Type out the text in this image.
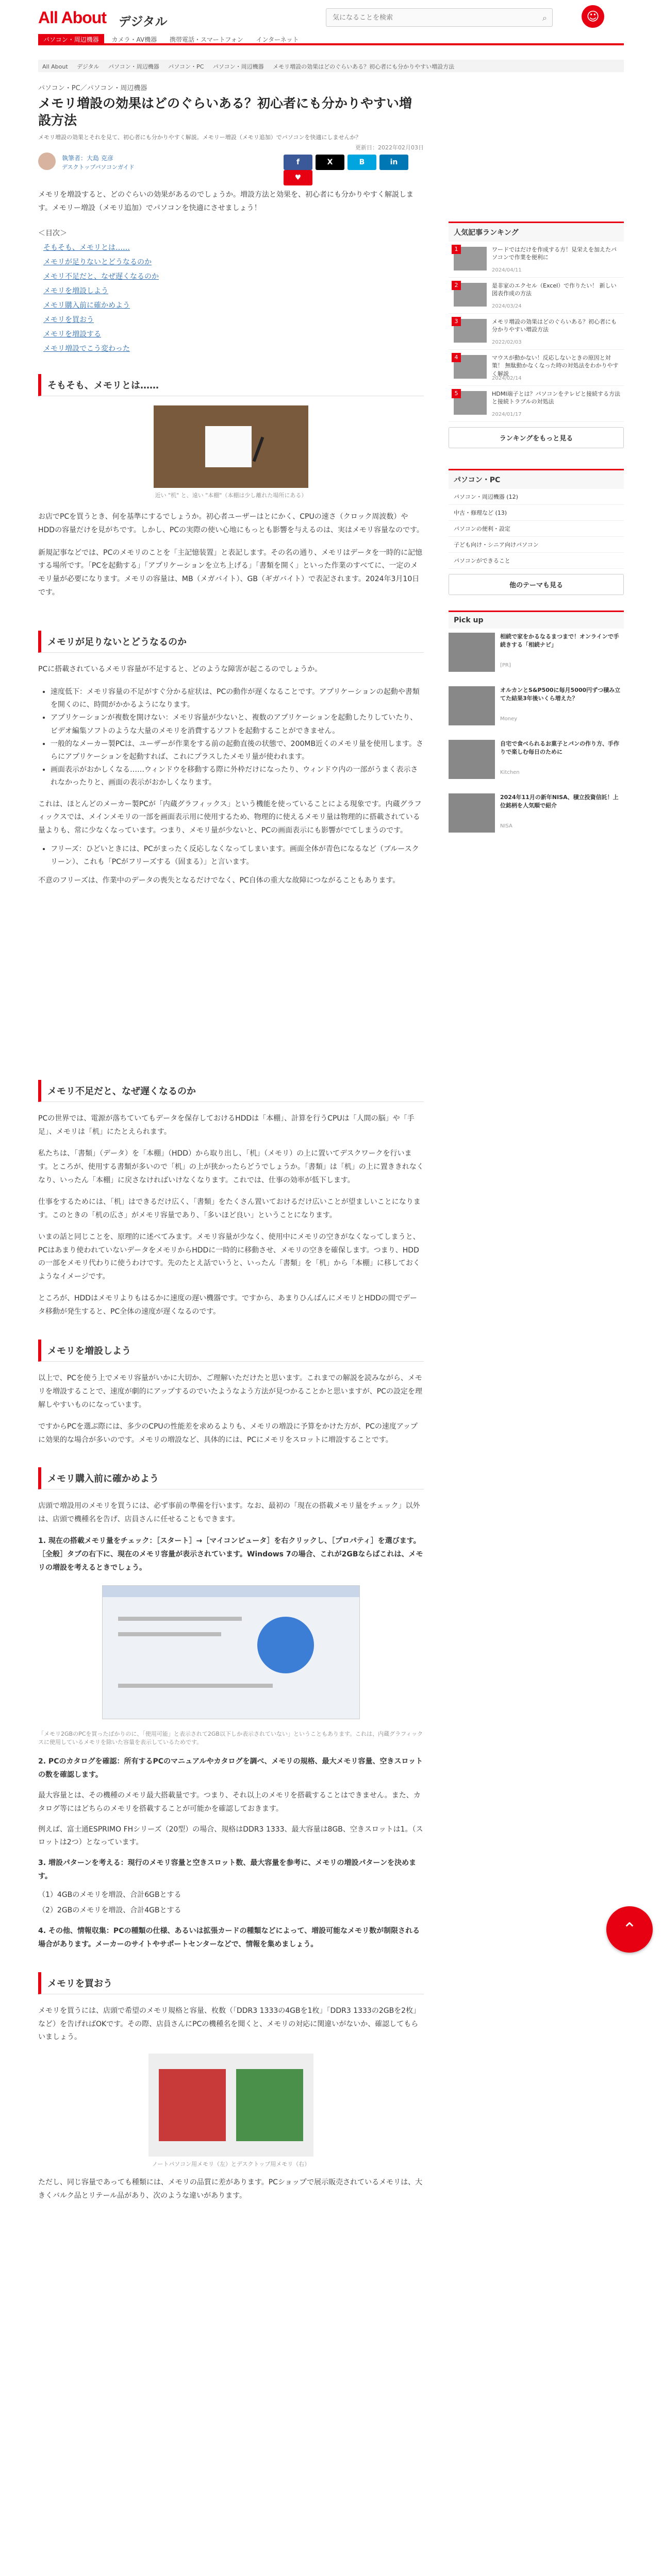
All About デジタル
気になることを検索	⌕	☺
パソコン・周辺機器 カメラ・AV機器 携帯電話・スマートフォン インターネット
All About デジタル パソコン・周辺機器 パソコン・PC パソコン・周辺機器 メモリ増設の効果はどのぐらいある？初心者にも分かりやすい増設方法
パソコン・PC／パソコン・周辺機器
メモリ増設の効果はどのぐらいある？初心者にも分かりやすい増設方法
メモリ増設の効果とそれを見て、初心者にも分かりやすく解説。メモリー増設（メモリ追加）でパソコンを快適にしませんか？
更新日：2022年02月03日
執筆者：大島 克彦
デスクトップパソコンガイド
f	X	B	in♥

メモリを増設すると、どのぐらいの効果があるのでしょうか。増設方法と効果を、初心者にも分かりやすく解説します。メモリー増設（メモリ追加）でパソコンを快適にさせましょう！

＜目次＞
そもそも、メモリとは……
メモリが足りないとどうなるのか
メモリ不足だと、なぜ遅くなるのか
メモリを増設しよう
メモリ購入前に確かめよう
メモリを買おう
メモリを増設する
メモリ増設でこう変わった
そもそも、メモリとは……
近い "机" と、遠い "本棚"（本棚は少し離れた場所にある）

お店でPCを買うとき、何を基準にするでしょうか。初心者ユーザーはとにかく、CPUの速さ（クロック周波数）やHDDの容量だけを見がちです。しかし、PCの実際の使い心地にもっとも影響を与えるのは、実はメモリ容量なのです。

新規記事などでは、PCのメモリのことを「主記憶装置」と表記します。その名の通り、メモリはデータを一時的に記憶する場所です。「PCを起動する」「アプリケーションを立ち上げる」「書類を開く」といった作業のすべてに、一定のメモリ量が必要になります。メモリの容量は、MB（メガバイト）、GB（ギガバイト）で表記されます。2024年3月10日です。

メモリが足りないとどうなるのか

PCに搭載されているメモリ容量が不足すると、どのような障害が起こるのでしょうか。

• 速度低下：メモリ容量の不足がすぐ分かる症状は、PCの動作が遅くなることです。アプリケーションの起動や書類を開くのに、時間がかかるようになります。
• アプリケーションが複数を開けない：メモリ容量が少ないと、複数のアプリケーションを起動したりしていたり、ビデオ編集ソフトのような大量のメモリを消費するソフトを起動することができません。
• 一般的なメーカー製PCは、ユーザーが作業をする前の起動直後の状態で、200MB近くのメモリ量を使用します。さらにアプリケーションを起動すれば、これにプラスしたメモリ量が使われます。
• 画面表示がおかしくなる……ウィンドウを移動する際に外枠だけになったり、ウィンドウ内の一部がうまく表示されなかったりと、画面の表示がおかしくなります。

これは、ほとんどのメーカー製PCが「内蔵グラフィックス」という機能を使っていることによる現象です。内蔵グラフィックスでは、メインメモリの一部を画面表示用に使用するため、物理的に使えるメモリ量は物理的に搭載されている量よりも、常に少なくなっています。つまり、メモリ量が少ないと、PCの画面表示にも影響がでてしまうのです。

• フリーズ：ひどいときには、PCがまったく反応しなくなってしまいます。画面全体が青色になるなど（ブルースクリーン）、これも「PCがフリーズする（固まる）」と言います。

不意のフリーズは、作業中のデータの喪失となるだけでなく、PC自体の重大な故障につながることもあります。

メモリ不足だと、なぜ遅くなるのか

PCの世界では、電源が落ちていてもデータを保存しておけるHDDは「本棚」、計算を行うCPUは「人間の脳」や「手足」、メモリは「机」にたとえられます。

私たちは、「書類」（データ）を「本棚」（HDD）から取り出し、「机」（メモリ）の上に置いてデスクワークを行います。ところが、使用する書類が多いので「机」の上が狭かったらどうでしょうか。「書類」は「机」の上に置ききれなくなり、いったん「本棚」に戻さなければいけなくなります。これでは、仕事の効率が低下します。

仕事をするためには、「机」はできるだけ広く、「書類」をたくさん置いておけるだけ広いことが望ましいことになります。このときの「机の広さ」がメモリ容量であり、「多いほど良い」ということになります。

いまの話と同じことを、原理的に述べてみます。メモリ容量が少なく、使用中にメモリの空きがなくなってしまうと、PCはあまり使われていないデータをメモリからHDDに一時的に移動させ、メモリの空きを確保します。つまり、HDDの一部をメモリ代わりに使うわけです。先のたとえ話でいうと、いったん「書類」を「机」から「本棚」に移しておくようなイメージです。

ところが、HDDはメモリよりもはるかに速度の遅い機器です。ですから、あまりひんぱんにメモリとHDDの間でデータ移動が発生すると、PC全体の速度が遅くなるのです。

メモリを増設しよう

以上で、PCを使う上でメモリ容量がいかに大切か、ご理解いただけたと思います。これまでの解説を読みながら、メモリを増設することで、速度が劇的にアップするのでいたようなよう方法が見つかることかと思いますが、PCの設定を理解しやすいものになっています。

ですからPCを選ぶ際には、多少のCPUの性能差を求めるよりも、メモリの増設に予算をかけた方が、PCの速度アップに効果的な場合が多いのです。メモリの増設など、具体的には、PCにメモリをスロットに増設することです。

メモリ購入前に確かめよう

店頭で増設用のメモリを買うには、必ず事前の準備を行います。なお、最初の「現在の搭載メモリ量をチェック」以外は、店頭で機種名を告げ、店員さんに任せることもできます。

1. 現在の搭載メモリ量をチェック：［スタート］→［マイコンピュータ］を右クリックし、［プロパティ］を選びます。［全般］タブの右下に、現在のメモリ容量が表示されています。Windows 7の場合、これが2GBならばこれは、メモリの増設を考えるときでしょう。

「メモリ2GBのPCを買ったばかりのに、「使用可能」と表示されて2GB以下しか表示されていない」ということもあります。これは、内蔵グラフィックスに使用しているメモリを除いた容量を表示しているためです。

2. PCのカタログを確認：所有するPCのマニュアルやカタログを調べ、メモリの規格、最大メモリ容量、空きスロットの数を確認します。

最大容量とは、その機種のメモリ最大搭載量です。つまり、それ以上のメモリを搭載することはできません。また、カタログ等にはどちらのメモリを搭載することが可能かを確認しておきます。

例えば、富士通ESPRIMO FHシリーズ（20型）の場合、規格はDDR3 1333、最大容量は8GB、空きスロットは1。（スロットは2つ）となっています。

3. 増設パターンを考える：現行のメモリ容量と空きスロット数、最大容量を参考に、メモリの増設パターンを決めます。

（1）4GBのメモリを増設、合計6GBとする

（2）2GBのメモリを増設、合計4GBとする

4. その他、情報収集：PCの種類の仕様、あるいは拡張カードの種類などによって、増設可能なメモリ数が制限される場合があります。メーカーのサイトやサポートセンターなどで、情報を集めましょう。

メモリを買おう

メモリを買うには、店頭で希望のメモリ規格と容量、枚数（「DDR3 1333の4GBを1枚」「DDR3 1333の2GBを2枚」など）を告げればOKです。その際、店員さんにPCの機種名を聞くと、メモリの対応に関違いがないか、確認してもらいましょう。

ノートパソコン用メモリ（左）とデスクトップ用メモリ（右）

ただし、同じ容量であっても種類には、メモリの品質に差があります。PCショップで展示販売されているメモリは、大きくバルク品とリテール品があり、次のような違いがあります。

人気記事ランキング
1	ワードではだけを作成する方！見栄えを加えたパソコンで作業を便利に
2024/04/11
2	是非家のエクセル（Excel）で作りたい！ 新しい図表作成の方法
2024/03/24
3	メモリ増設の効果はどのぐらいある？初心者にも分かりやすい増設方法
2022/02/03
4	マウスが動かない！反応しないときの原因と対策！ 無駄動かなくなった時の対処法をわかりやすく解説
2024/02/14
5	HDMI端子とは？パソコンをテレビと接続する方法と接続トラブルの対処法
2024/01/17
ランキングをもっと見る
パソコン・PC
パソコン・周辺機器 (12)
中古・修理など (13)
パソコンの便利・設定
子ども向け・シニア向けパソコン
パソコンができること
他のテーマも見る
Pick up
相続で家をかるなるまつまで！オンラインで手続きする「相続ナビ」
[PR]
オルカンとS&P500に毎月5000円ずつ積み立てた結果3年後いくら増えた？
Money
自宅で食べられるお菓子とパンの作り方、手作りで楽しむ毎日のために
Kitchen
2024年11月の新年NISA、積立投資信託！上位銘柄を人気順で紹介
NISA
⌃
